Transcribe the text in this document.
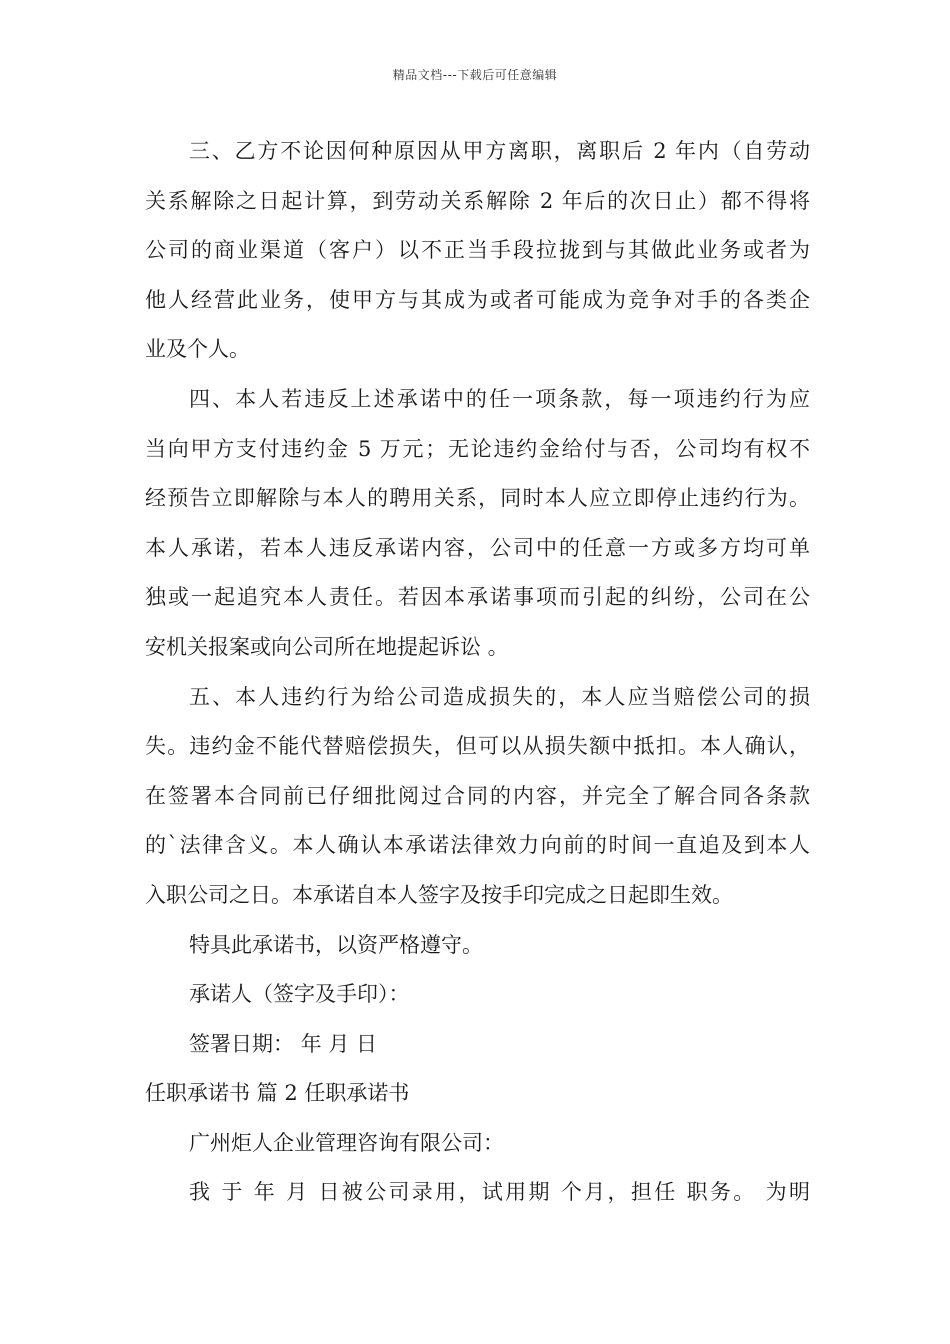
精品文档---下载后可任意编辑
三、乙方不论因何种原因从甲方离职，离职后 2 年内（自劳动
关系解除之日起计算，到劳动关系解除 2 年后的次日止）都不得将
公司的商业渠道（客户）以不正当手段拉拢到与其做此业务或者为
他人经营此业务，使甲方与其成为或者可能成为竞争对手的各类企
业及个人。
四、本人若违反上述承诺中的任一项条款，每一项违约行为应
当向甲方支付违约金 5 万元；无论违约金给付与否，公司均有权不
经预告立即解除与本人的聘用关系，同时本人应立即停止违约行为。
本人承诺，若本人违反承诺内容，公司中的任意一方或多方均可单
独或一起追究本人责任。若因本承诺事项而引起的纠纷，公司在公
安机关报案或向公司所在地提起诉讼 。
五、本人违约行为给公司造成损失的，本人应当赔偿公司的损
失。违约金不能代替赔偿损失，但可以从损失额中抵扣。本人确认，
在签署本合同前已仔细批阅过合同的内容，并完全了解合同各条款
的`法律含义。本人确认本承诺法律效力向前的时间一直追及到本人
入职公司之日。本承诺自本人签字及按手印完成之日起即生效。
特具此承诺书，以资严格遵守。
承诺人（签字及手印）：
签署日期： 年 月 日
任职承诺书 篇 2 任职承诺书
广州炬人企业管理咨询有限公司：
我 于 年 月 日被公司录用，试用期 个月，担任 职务。 为明
